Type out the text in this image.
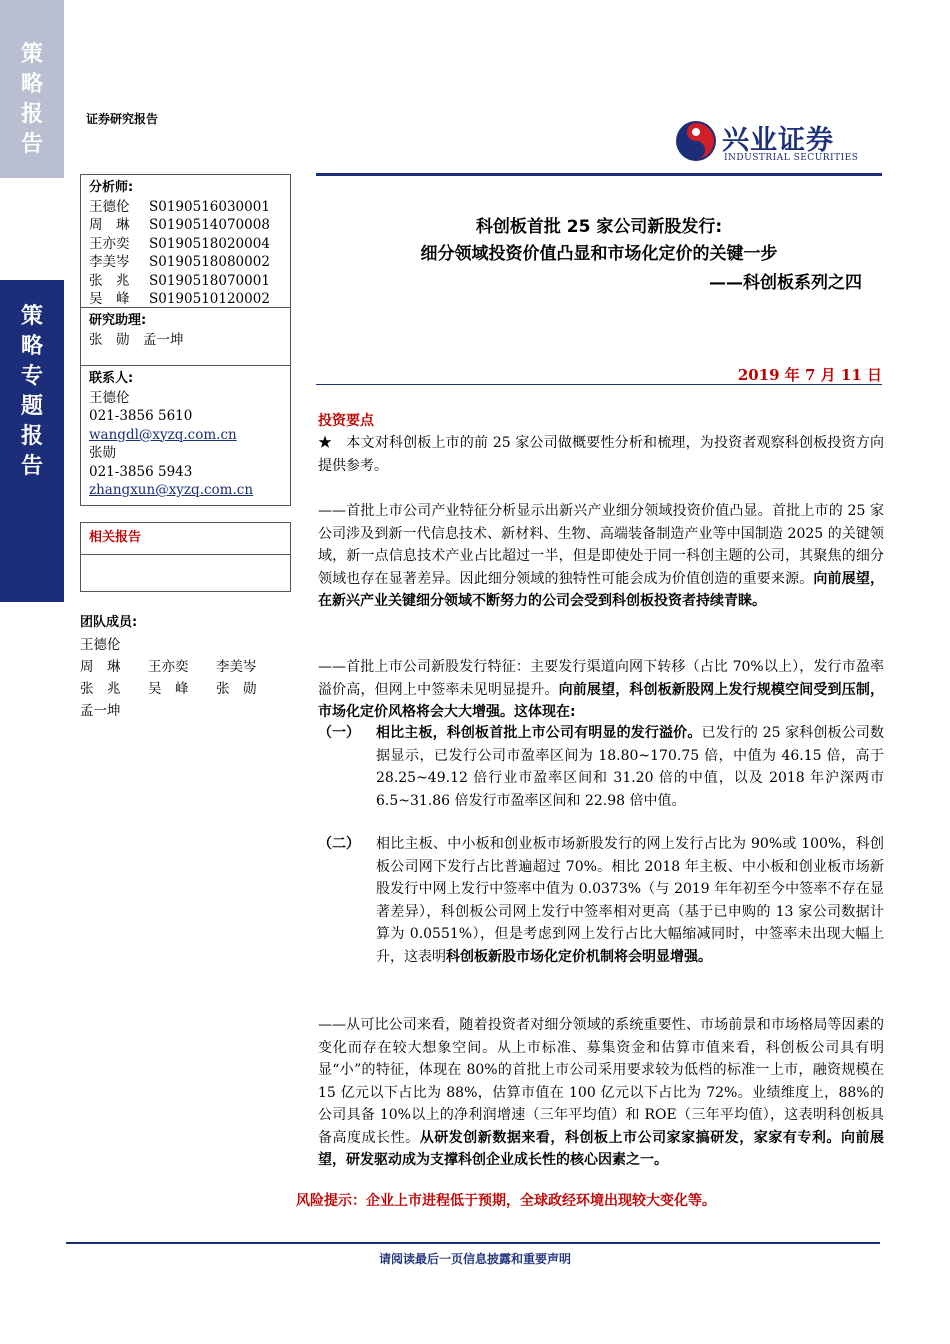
策
略
报
告
策
略
专
题
报
告
证券研究报告
兴业证券
INDUSTRIAL SECURITIES
分析师:
王德伦	S0190516030001
周　琳	S0190514070008
王亦奕	S0190518020004
李美岑	S0190518080002
张　兆	S0190518070001
吴　峰	S0190510120002
研究助理:
张　勋　孟一坤
联系人:
王德伦
021-3856 5610
wangdl@xyzq.com.cn
张勋
021-3856 5943
zhangxun@xyzq.com.cn
相关报告
团队成员:
王德伦
周　琳	王亦奕	李美岑
张　兆	吴　峰	张　勋
孟一坤
科创板首批 25 家公司新股发行:
细分领域投资价值凸显和市场化定价的关键一步
——科创板系列之四
2019 年 7 月 11 日
投资要点
★　本文对科创板上市的前 25 家公司做概要性分析和梳理，为投资者观察科创板投资方向提供参考。
——首批上市公司产业特征分析显示出新兴产业细分领域投资价值凸显。首批上市的 25 家公司涉及到新一代信息技术、新材料、生物、高端装备制造产业等中国制造 2025 的关键领域，新一点信息技术产业占比超过一半，但是即使处于同一科创主题的公司，其聚焦的细分领域也存在显著差异。因此细分领域的独特性可能会成为价值创造的重要来源。向前展望，在新兴产业关键细分领域不断努力的公司会受到科创板投资者持续青睐。
——首批上市公司新股发行特征：主要发行渠道向网下转移（占比 70%以上），发行市盈率溢价高，但网上中签率未见明显提升。向前展望，科创板新股网上发行规模空间受到压制，市场化定价风格将会大大增强。这体现在:
（一）	相比主板，科创板首批上市公司有明显的发行溢价。已发行的 25 家科创板公司数据显示，已发行公司市盈率区间为 18.80~170.75 倍，中值为 46.15 倍，高于 28.25~49.12 倍行业市盈率区间和 31.20 倍的中值，以及 2018 年沪深两市 6.5~31.86 倍发行市盈率区间和 22.98 倍中值。
（二）	相比主板、中小板和创业板市场新股发行的网上发行占比为 90%或 100%，科创板公司网下发行占比普遍超过 70%。相比 2018 年主板、中小板和创业板市场新股发行中网上发行中签率中值为 0.0373%（与 2019 年年初至今中签率不存在显著差异），科创板公司网上发行中签率相对更高（基于已申购的 13 家公司数据计算为 0.0551%），但是考虑到网上发行占比大幅缩减同时，中签率未出现大幅上升，这表明科创板新股市场化定价机制将会明显增强。
——从可比公司来看，随着投资者对细分领域的系统重要性、市场前景和市场格局等因素的变化而存在较大想象空间。从上市标准、募集资金和估算市值来看，科创板公司具有明显“小”的特征，体现在 80%的首批上市公司采用要求较为低档的标准一上市，融资规模在 15 亿元以下占比为 88%，估算市值在 100 亿元以下占比为 72%。业绩维度上，88%的公司具备 10%以上的净利润增速（三年平均值）和 ROE（三年平均值），这表明科创板具备高度成长性。从研发创新数据来看，科创板上市公司家家搞研发，家家有专利。向前展望，研发驱动成为支撑科创企业成长性的核心因素之一。
风险提示：企业上市进程低于预期，全球政经环境出现较大变化等。
请阅读最后一页信息披露和重要声明
